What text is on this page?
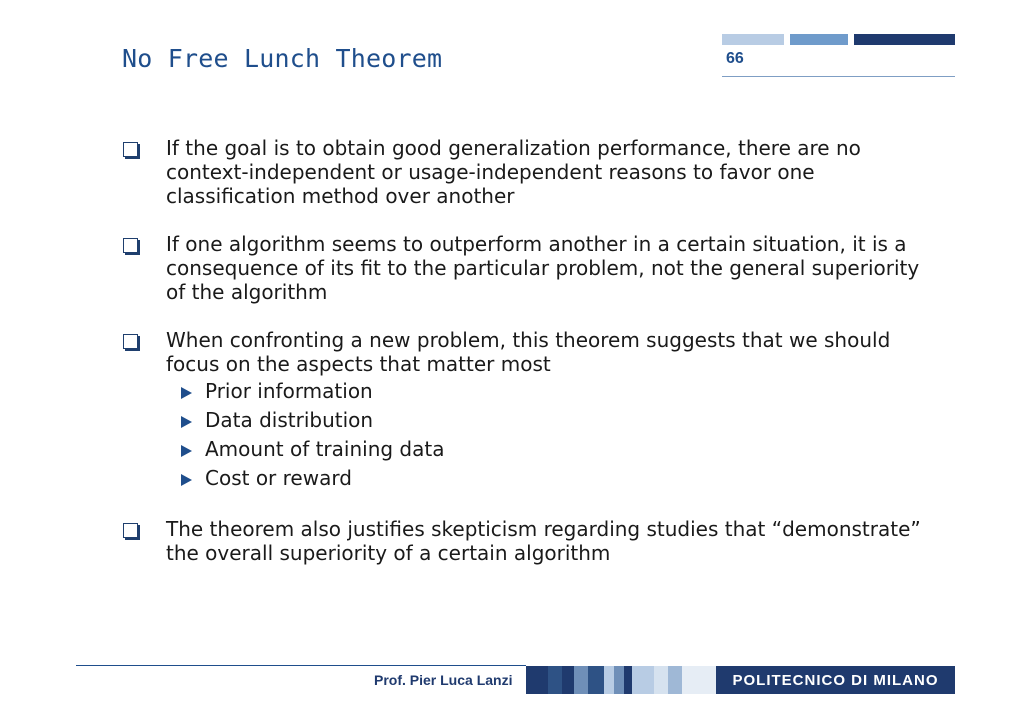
No Free Lunch Theorem	66
If the goal is to obtain good generalization performance, there are no context-independent or usage-independent reasons to favor one classification method over another
If one algorithm seems to outperform another in a certain situation, it is a consequence of its fit to the particular problem, not the general superiority of the algorithm
When confronting a new problem, this theorem suggests that we should focus on the aspects that matter most
Prior information
Data distribution
Amount of training data
Cost or reward
The theorem also justifies skepticism regarding studies that “demonstrate” the overall superiority of a certain algorithm
Prof. Pier Luca Lanzi	POLITECNICO DI MILANO
